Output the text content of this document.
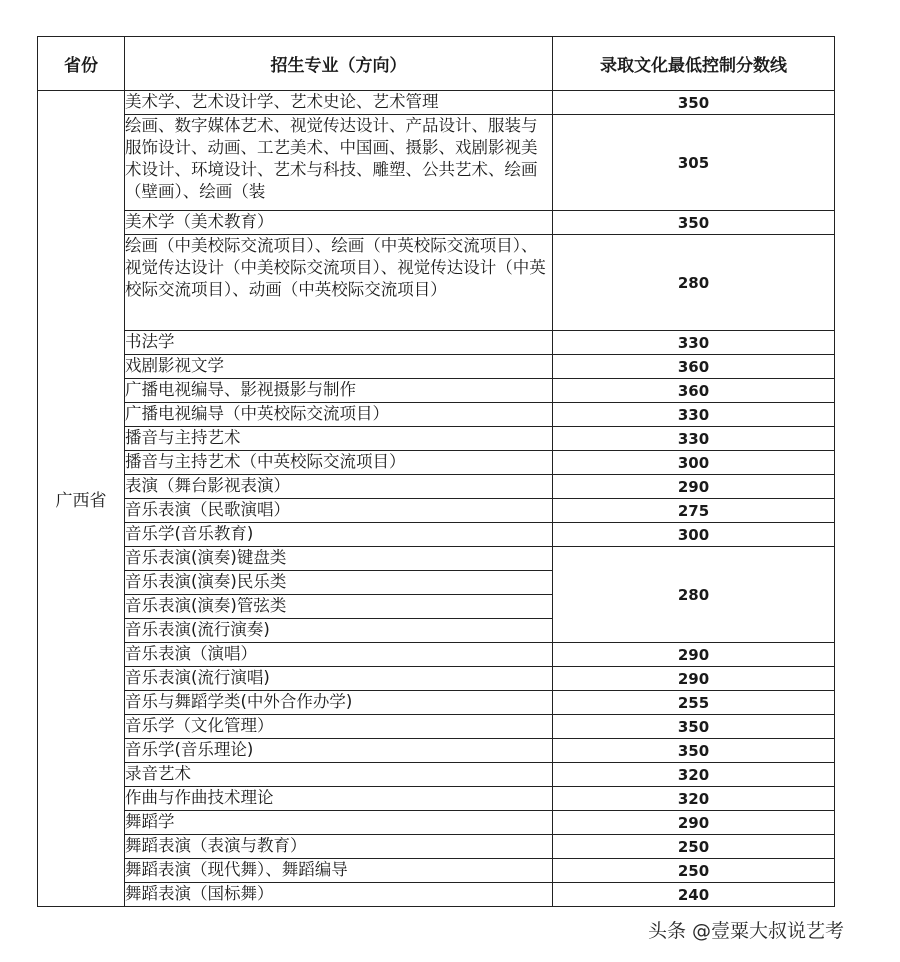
省份	招生专业（方向）	录取文化最低控制分数线
广西省	美术学、艺术设计学、艺术史论、艺术管理	350
	绘画、数字媒体艺术、视觉传达设计、产品设计、服装与服饰设计、动画、工艺美术、中国画、摄影、戏剧影视美术设计、环境设计、艺术与科技、雕塑、公共艺术、绘画（壁画）、绘画（装	305
	美术学（美术教育）	350
	绘画（中美校际交流项目）、绘画（中英校际交流项目）、视觉传达设计（中美校际交流项目）、视觉传达设计（中英校际交流项目）、动画（中英校际交流项目）	280
	书法学	330
	戏剧影视文学	360
	广播电视编导、影视摄影与制作	360
	广播电视编导（中英校际交流项目）	330
	播音与主持艺术	330
	播音与主持艺术（中英校际交流项目）	300
	表演（舞台影视表演）	290
	音乐表演（民歌演唱）	275
	音乐学(音乐教育)	300
	音乐表演(演奏)键盘类	280
	音乐表演(演奏)民乐类	
	音乐表演(演奏)管弦类	
	音乐表演(流行演奏)	
	音乐表演（演唱）	290
	音乐表演(流行演唱)	290
	音乐与舞蹈学类(中外合作办学)	255
	音乐学（文化管理）	350
	音乐学(音乐理论)	350
	录音艺术	320
	作曲与作曲技术理论	320
	舞蹈学	290
	舞蹈表演（表演与教育）	250
	舞蹈表演（现代舞）、舞蹈编导	250
	舞蹈表演（国标舞）	240
头条 @壹粟大叔说艺考
